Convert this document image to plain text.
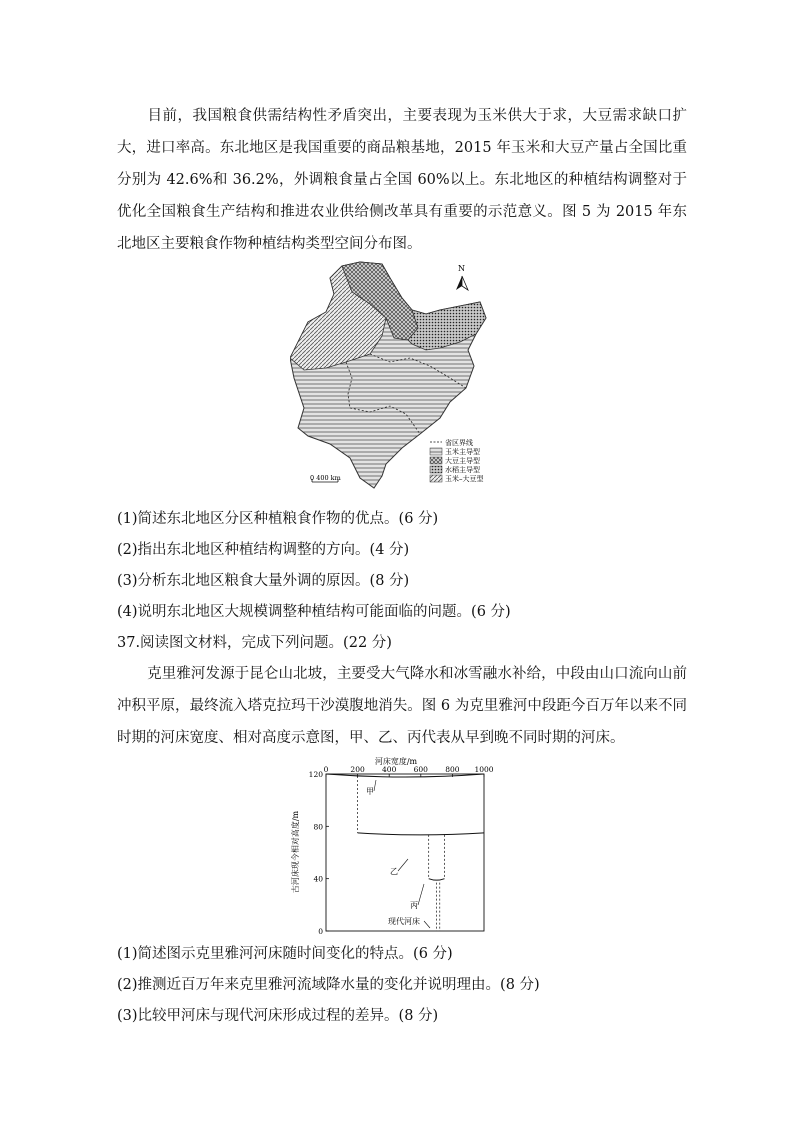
目前，我国粮食供需结构性矛盾突出，主要表现为玉米供大于求，大豆需求缺口扩大，进口率高。东北地区是我国重要的商品粮基地，2015 年玉米和大豆产量占全国比重分别为 42.6%和 36.2%，外调粮食量占全国 60%以上。东北地区的种植结构调整对于优化全国粮食生产结构和推进农业供给侧改革具有重要的示范意义。图 5 为 2015 年东北地区主要粮食作物种植结构类型空间分布图。

N
0 400 km
省区界线
玉米主导型
大豆主导型
水稻主导型
玉米–大豆型

(1)简述东北地区分区种植粮食作物的优点。(6 分)

(2)指出东北地区种植结构调整的方向。(4 分)

(3)分析东北地区粮食大量外调的原因。(8 分)

(4)说明东北地区大规模调整种植结构可能面临的问题。(6 分)

37.阅读图文材料，完成下列问题。(22 分)

克里雅河发源于昆仑山北坡，主要受大气降水和冰雪融水补给，中段由山口流向山前冲积平原，最终流入塔克拉玛干沙漠腹地消失。图 6 为克里雅河中段距今百万年以来不同时期的河床宽度、相对高度示意图，甲、乙、丙代表从早到晚不同时期的河床。

河床宽度/m
0	200 400 600 800 1000
120
80
40
0
古河床现今相对高度/m
甲
乙
丙
现代河床

(1)简述图示克里雅河河床随时间变化的特点。(6 分)

(2)推测近百万年来克里雅河流域降水量的变化并说明理由。(8 分)

(3)比较甲河床与现代河床形成过程的差异。(8 分)
